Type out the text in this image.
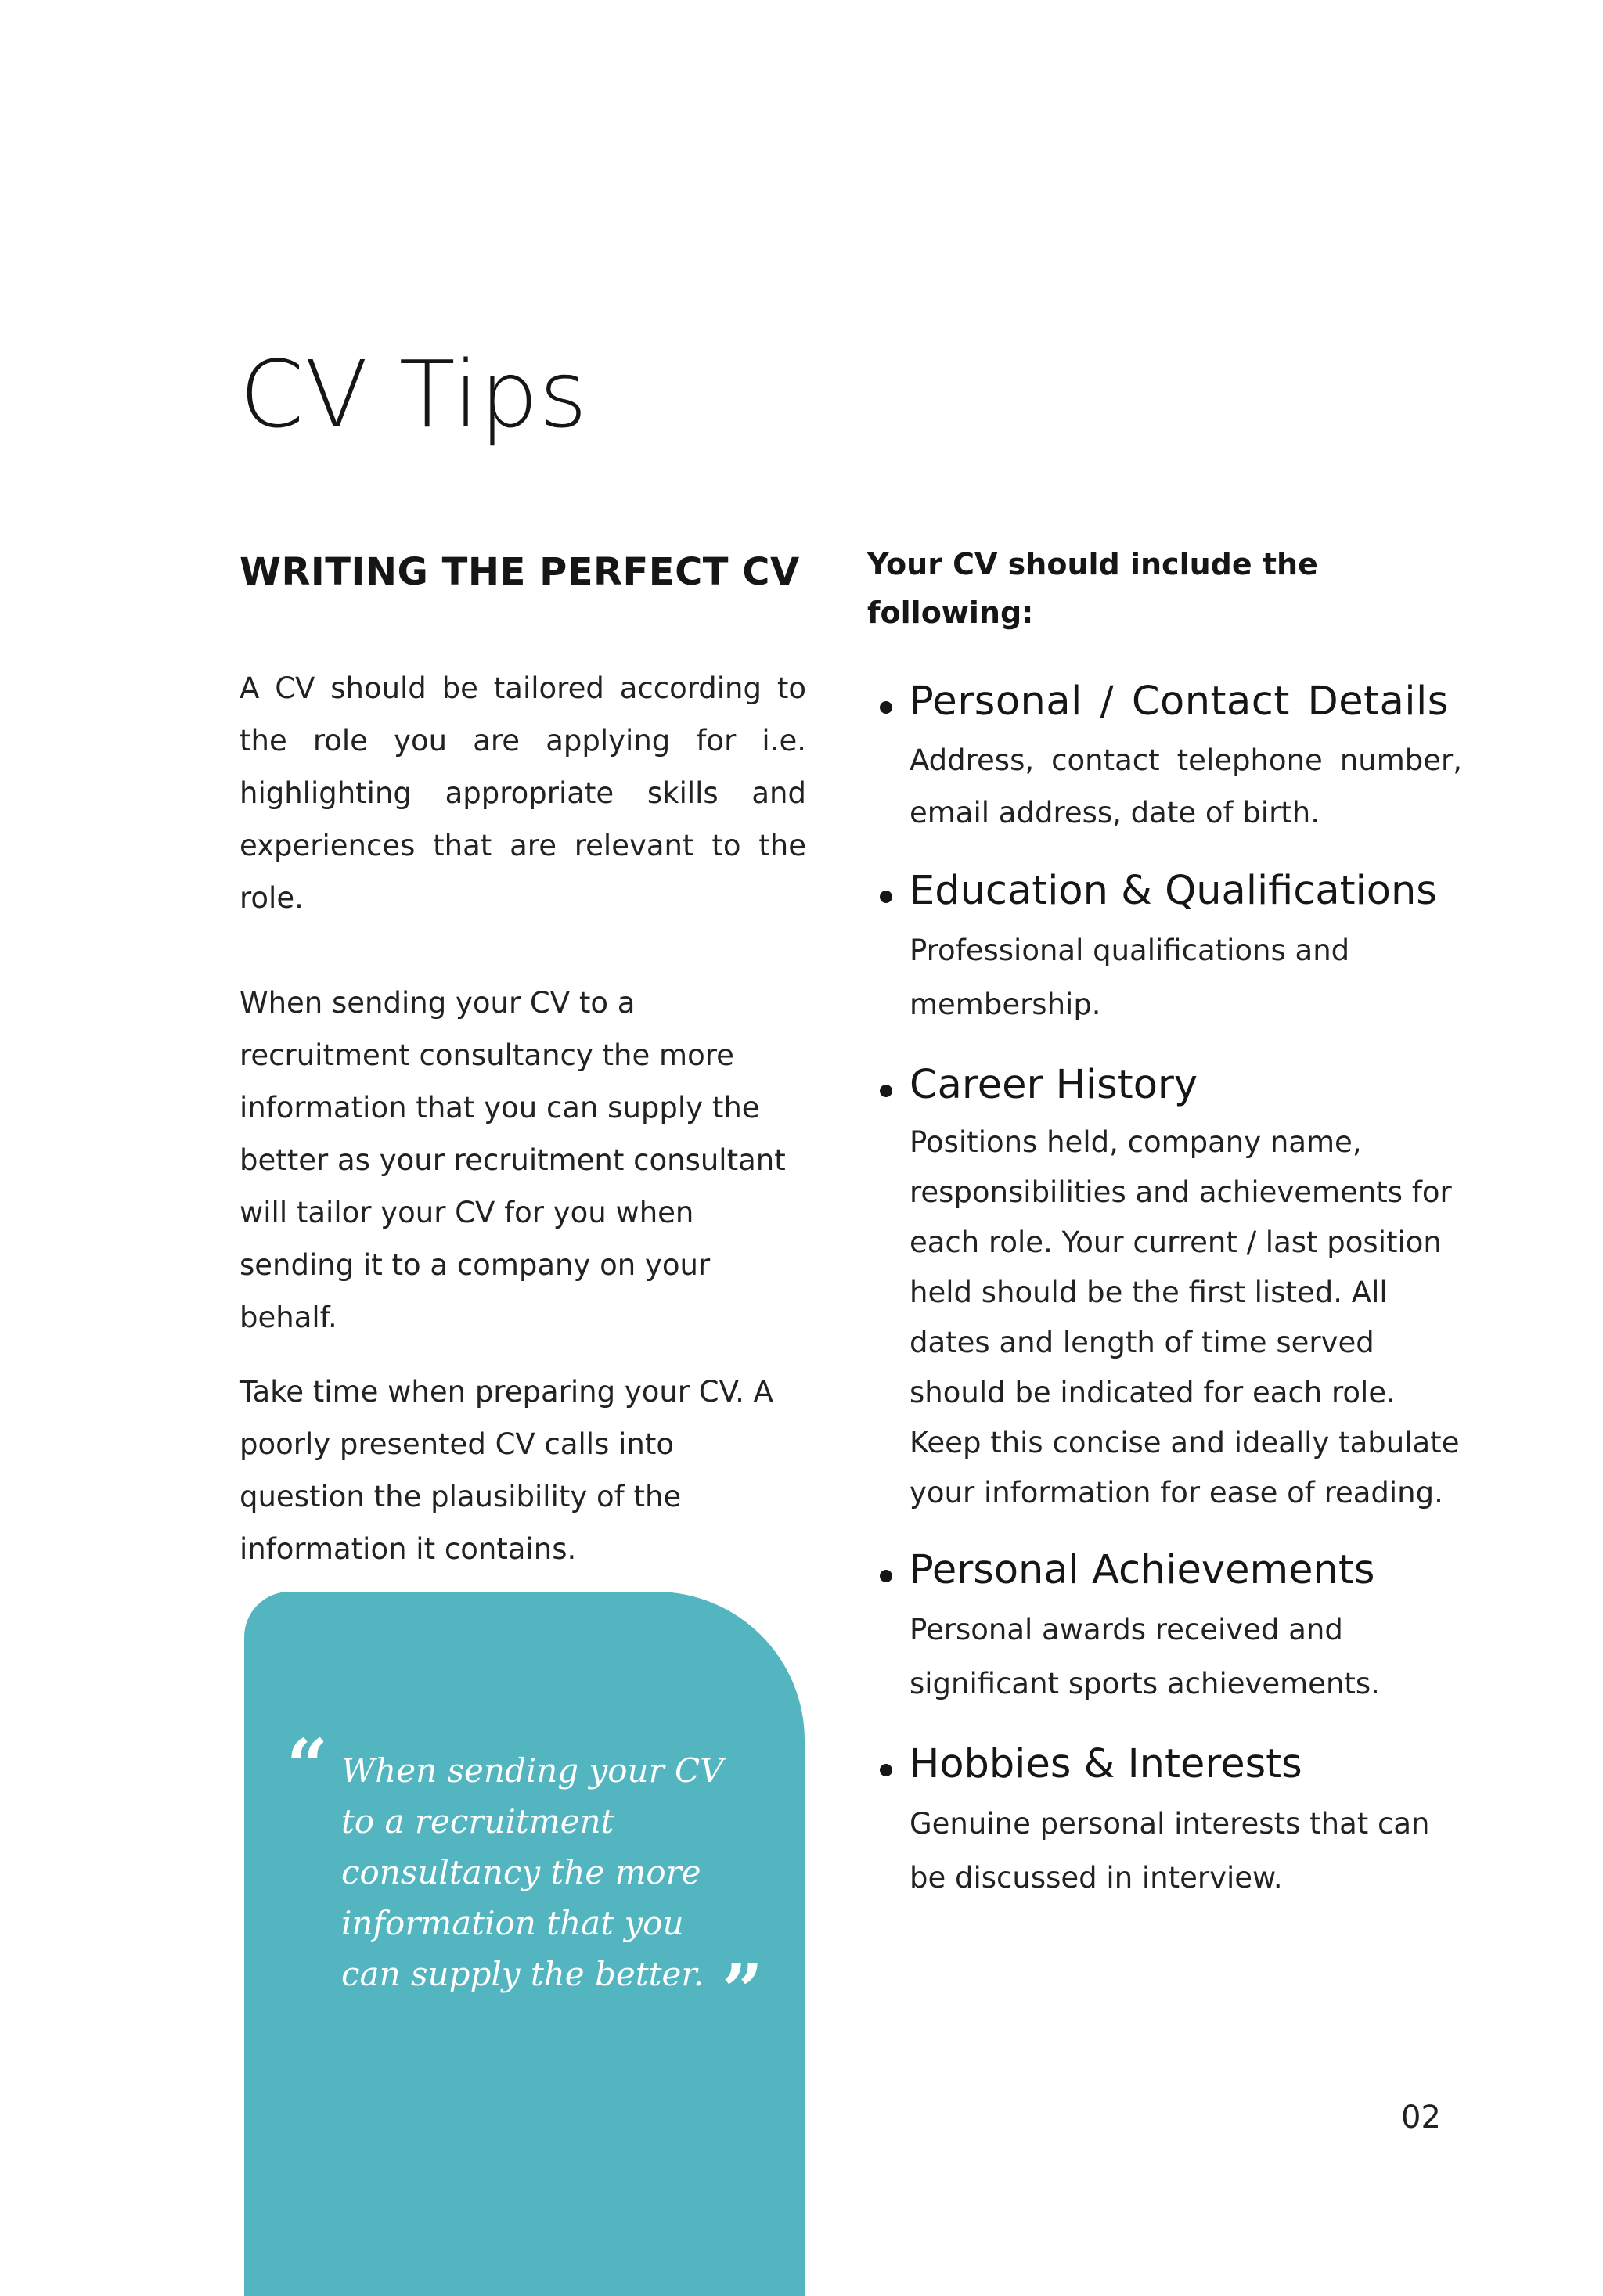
CV Tips
WRITING THE PERFECT CV

A CV should be tailored according to the role you are applying for i.e. highlighting appropriate skills and experiences that are relevant to the role.

When sending your CV to a recruitment consultancy the more information that you can supply the better as your recruitment consultant will tailor your CV for you when sending it to a company on your behalf.

Take time when preparing your CV. A poorly presented CV calls into question the plausibility of the information it contains.

“ When sending your CV to a recruitment consultancy the more information that you can supply the better. ”

Your CV should include the following:

Personal / Contact Details

Address, contact telephone number, email address, date of birth.

Education & Qualifications

Professional qualifications and membership.

Career History

Positions held, company name, responsibilities and achievements for each role. Your current / last position held should be the first listed. All dates and length of time served should be indicated for each role. Keep this concise and ideally tabulate your information for ease of reading.

Personal Achievements

Personal awards received and significant sports achievements.

Hobbies & Interests

Genuine personal interests that can be discussed in interview.

02
